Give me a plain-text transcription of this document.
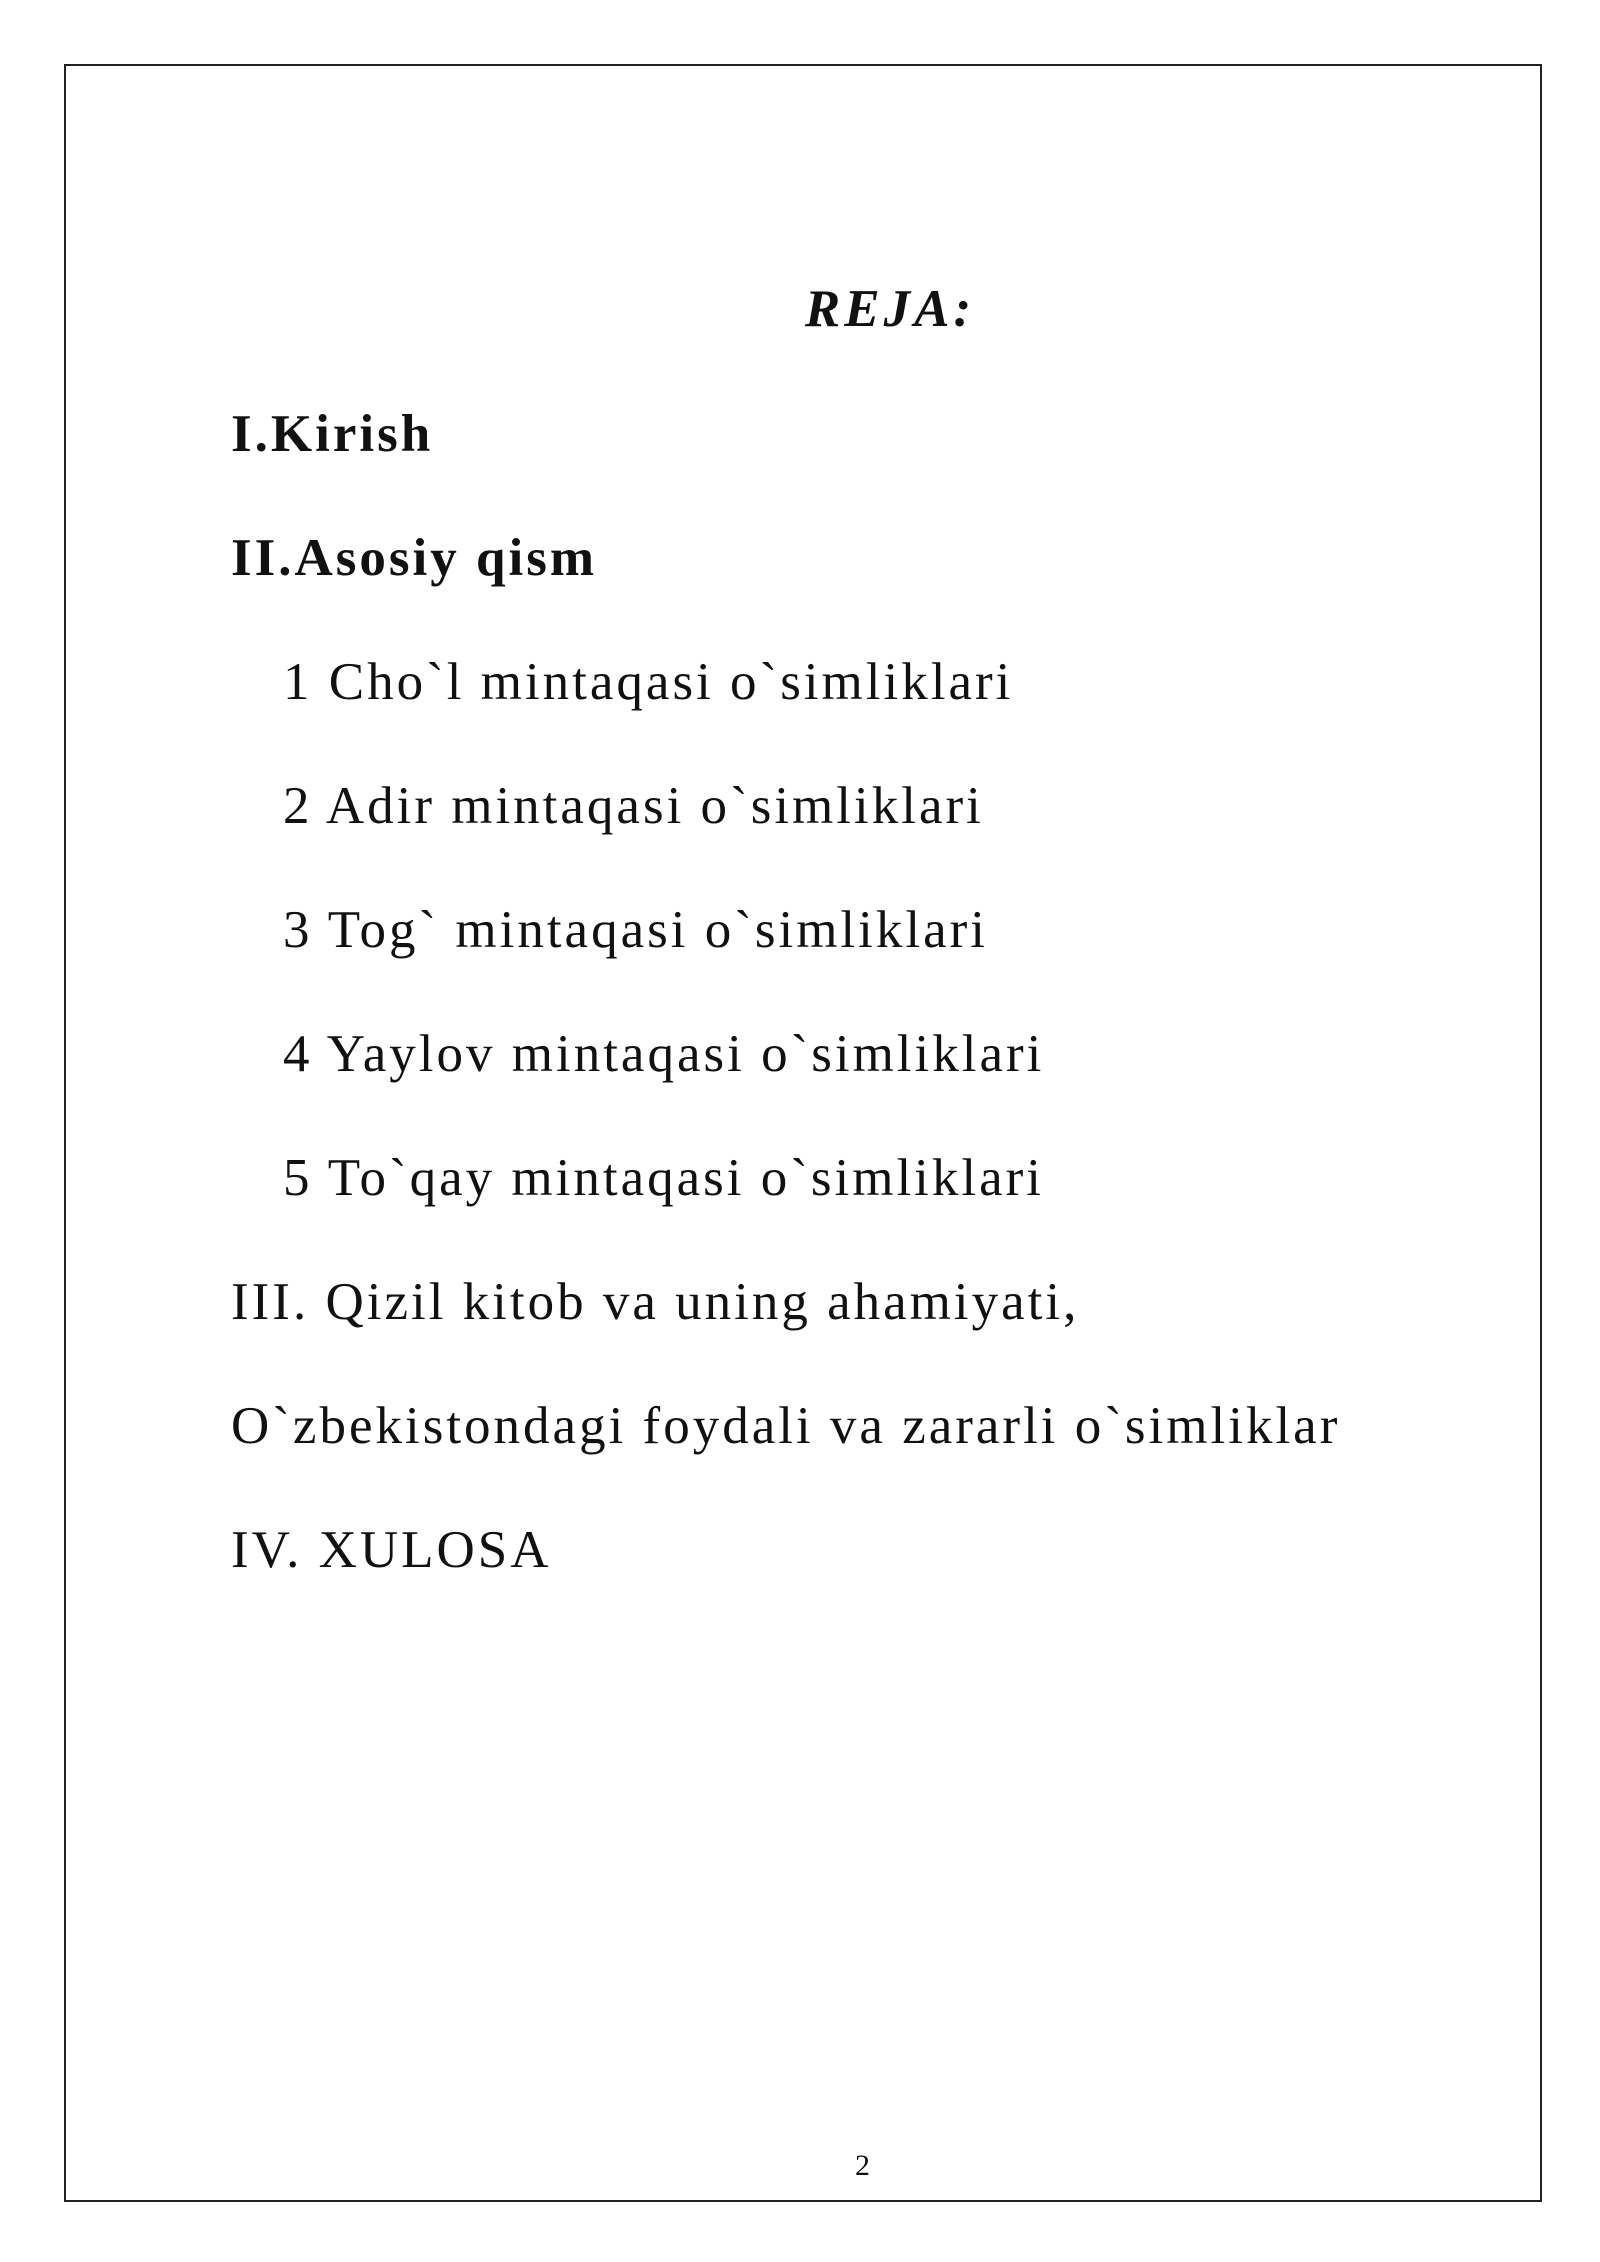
REJA:
I.Kirish
II.Asosiy qism
1 Cho`l mintaqasi o`simliklari
2 Adir mintaqasi o`simliklari
3 Tog` mintaqasi o`simliklari
4 Yaylov mintaqasi o`simliklari
5 To`qay mintaqasi o`simliklari
III. Qizil kitob va uning ahamiyati,
O`zbekistondagi foydali va zararli o`simliklar
IV. XULOSA
2
